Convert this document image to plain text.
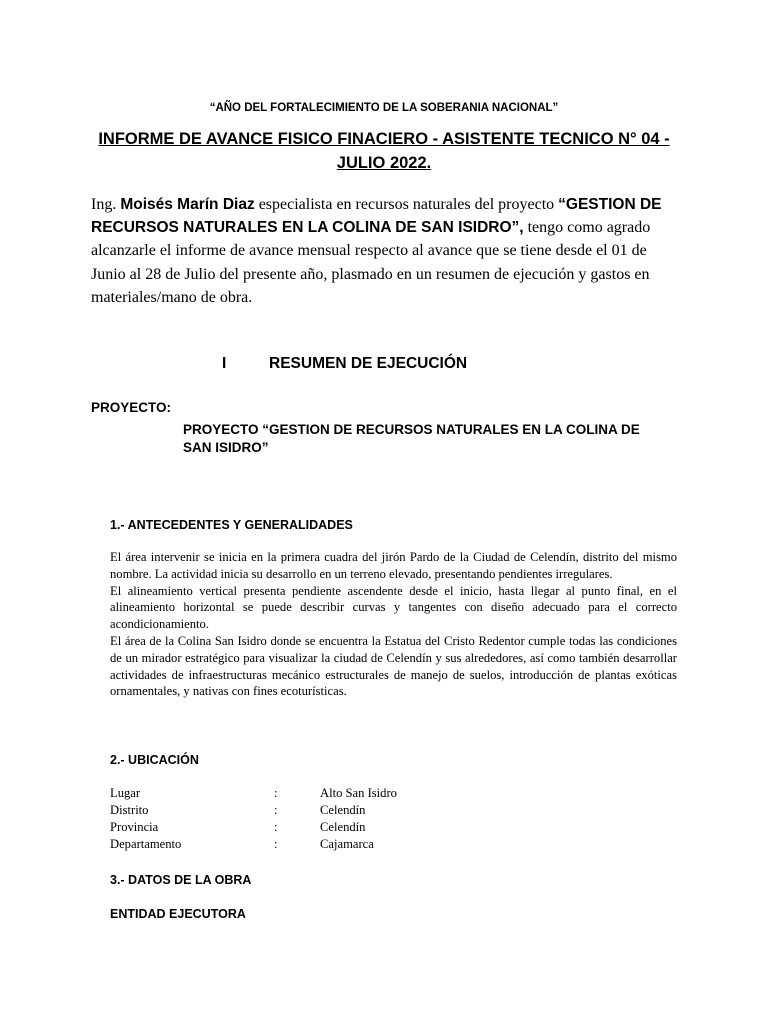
“AÑO DEL FORTALECIMIENTO DE LA SOBERANIA NACIONAL”
INFORME DE AVANCE FISICO FINACIERO - ASISTENTE TECNICO N° 04 -
JULIO 2022.
Ing. Moisés Marín Diaz especialista en recursos naturales del proyecto “GESTION DE RECURSOS NATURALES EN LA COLINA DE SAN ISIDRO”, tengo como agrado alcanzarle el informe de avance mensual respecto al avance que se tiene desde el 01 de Junio al 28 de Julio del presente año, plasmado en un resumen de ejecución y gastos en materiales/mano de obra.
I	RESUMEN DE EJECUCIÓN
PROYECTO:
PROYECTO “GESTION DE RECURSOS NATURALES EN LA COLINA DE SAN ISIDRO”
1.- ANTECEDENTES Y GENERALIDADES

El área intervenir se inicia en la primera cuadra del jirón Pardo de la Ciudad de Celendín, distrito del mismo nombre. La actividad inicia su desarrollo en un terreno elevado, presentando pendientes irregulares.

El alineamiento vertical presenta pendiente ascendente desde el inicio, hasta llegar al punto final, en el alineamiento horizontal se puede describir curvas y tangentes con diseño adecuado para el correcto acondicionamiento.

El área de la Colina San Isidro donde se encuentra la Estatua del Cristo Redentor cumple todas las condiciones de un mirador estratégico para visualizar la ciudad de Celendín y sus alrededores, así como también desarrollar actividades de infraestructuras mecánico estructurales de manejo de suelos, introducción de plantas exóticas ornamentales, y nativas con fines ecoturísticas.

2.- UBICACIÓN
Lugar	:	Alto San Isidro
Distrito	:	Celendín
Provincia	:	Celendín
Departamento	:	Cajamarca
3.- DATOS DE LA OBRA
ENTIDAD EJECUTORA
